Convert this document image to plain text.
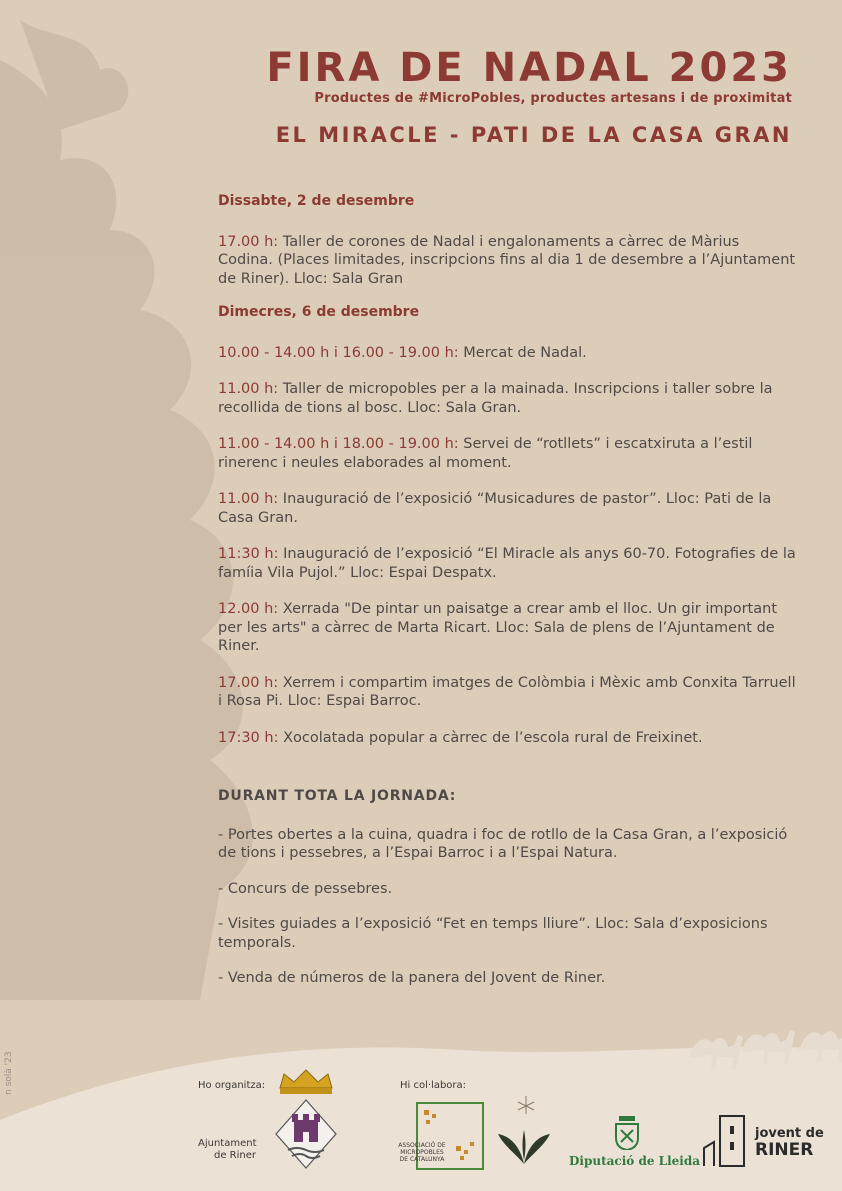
FIRA DE NADAL 2023
Productes de #MicroPobles, productes artesans i de proximitat
EL MIRACLE - PATI DE LA CASA GRAN
Dissabte, 2 de desembre
17.00 h: Taller de corones de Nadal i engalonaments a càrrec de Màrius Codina. (Places limitades, inscripcions fins al dia 1 de desembre a l’Ajuntament de Riner). Lloc: Sala Gran
Dimecres, 6 de desembre
10.00 - 14.00 h i 16.00 - 19.00 h: Mercat de Nadal.
11.00 h: Taller de micropobles per a la mainada. Inscripcions i taller sobre la recollida de tions al bosc. Lloc: Sala Gran.
11.00 - 14.00 h i 18.00 - 19.00 h: Servei de “rotllets” i escatxiruta a l’estil rinerenc i neules elaborades al moment.
11.00 h: Inauguració de l’exposició “Musicadures de pastor”. Lloc: Pati de la Casa Gran.
11:30 h: Inauguració de l’exposició “El Miracle als anys 60-70. Fotografies de la famíia Vila Pujol.” Lloc: Espai Despatx.
12.00 h: Xerrada "De pintar un paisatge a crear amb el lloc. Un gir important per les arts" a càrrec de Marta Ricart. Lloc: Sala de plens de l’Ajuntament de Riner.
17.00 h: Xerrem i compartim imatges de Colòmbia i Mèxic amb Conxita Tarruell i Rosa Pi. Lloc: Espai Barroc.
17:30 h: Xocolatada popular a càrrec de l’escola rural de Freixinet.
DURANT TOTA LA JORNADA:
- Portes obertes a la cuina, quadra i foc de rotllo de la Casa Gran, a l’exposició de tions i pessebres, a l’Espai Barroc i a l’Espai Natura.
- Concurs de pessebres.
- Visites guiades a l’exposició “Fet en temps lliure”. Lloc: Sala d’exposicions temporals.
- Venda de números de la panera del Jovent de Riner.
n solà '23	Ho organitza:
Ajuntament
de Riner
Hi col·labora:
ASSOCIACIÓ DE
MICROPOBLES
DE CATALUNYA	Diputació de Lleida
jovent de
RINER
